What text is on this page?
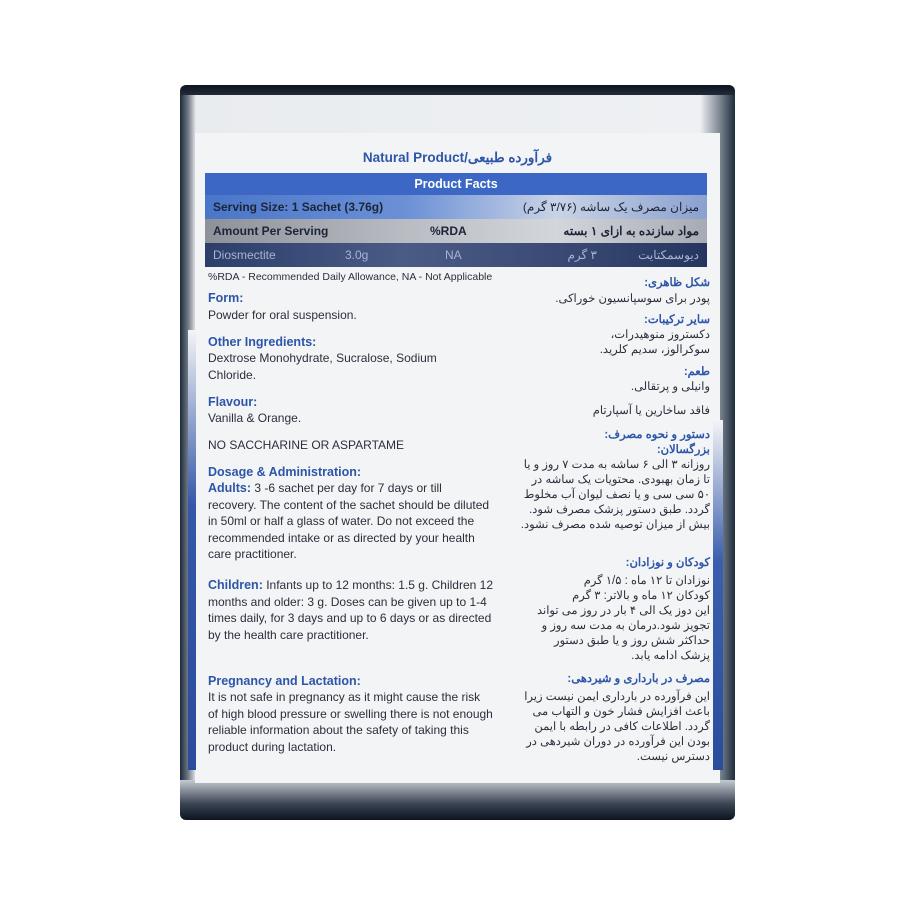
Natural Product/فرآورده طبیعی
Product Facts
Serving Size: 1 Sachet (3.76g)	میزان مصرف یک ساشه (۳/۷۶ گرم)
Amount Per Serving	%RDA	مواد سازنده به ازای ۱ بسته
Diosmectite	3.0g	NA	۳ گرم	دیوسمکتایت
%RDA - Recommended Daily Allowance, NA - Not Applicable
Form:
Powder for oral suspension.
Other Ingredients:
Dextrose Monohydrate, Sucralose, Sodium Chloride.
Flavour:
Vanilla & Orange.
NO SACCHARINE OR ASPARTAME
Dosage & Administration:
Adults: 3 -6 sachet per day for 7 days or till recovery. The content of the sachet should be diluted in 50ml or half a glass of water. Do not exceed the recommended intake or as directed by your health care practitioner.
Children: Infants up to 12 months: 1.5 g. Children 12 months and older: 3 g. Doses can be given up to 1-4 times daily, for 3 days and up to 6 days or as directed by the health care practitioner.
Pregnancy and Lactation:
It is not safe in pregnancy as it might cause the risk of high blood pressure or swelling there is not enough reliable information about the safety of taking this product during lactation.
شکل ظاهری:
پودر برای سوسپانسیون خوراکی.
سایر ترکیبات:
دکستروز منوهیدرات، سوکرالوز، سدیم کلرید.
طعم:
وانیلی و پرتقالی.
فاقد ساخارین یا آسپارتام
دستور و نحوه مصرف:
بزرگسالان:
روزانه ۳ الی ۶ ساشه به مدت ۷ روز و یا تا زمان بهبودی. محتویات یک ساشه در ۵۰ سی سی و یا نصف لیوان آب مخلوط گردد. طبق دستور پزشک مصرف شود. بیش از میزان توصیه شده مصرف نشود.
کودکان و نوزادان:
نوزادان تا ۱۲ ماه : ۱/۵ گرم
کودکان ۱۲ ماه و بالاتر: ۳ گرم
این دوز یک الی ۴ بار در روز می تواند تجویز شود.درمان به مدت سه روز و حداکثر شش روز و یا طبق دستور پزشک ادامه یابد.
مصرف در بارداری و شیردهی:
این فرآورده در بارداری ایمن نیست زیرا باعث افزایش فشار خون و التهاب می گردد. اطلاعات کافی در رابطه با ایمن بودن این فرآورده در دوران شیردهی در دسترس نیست.
